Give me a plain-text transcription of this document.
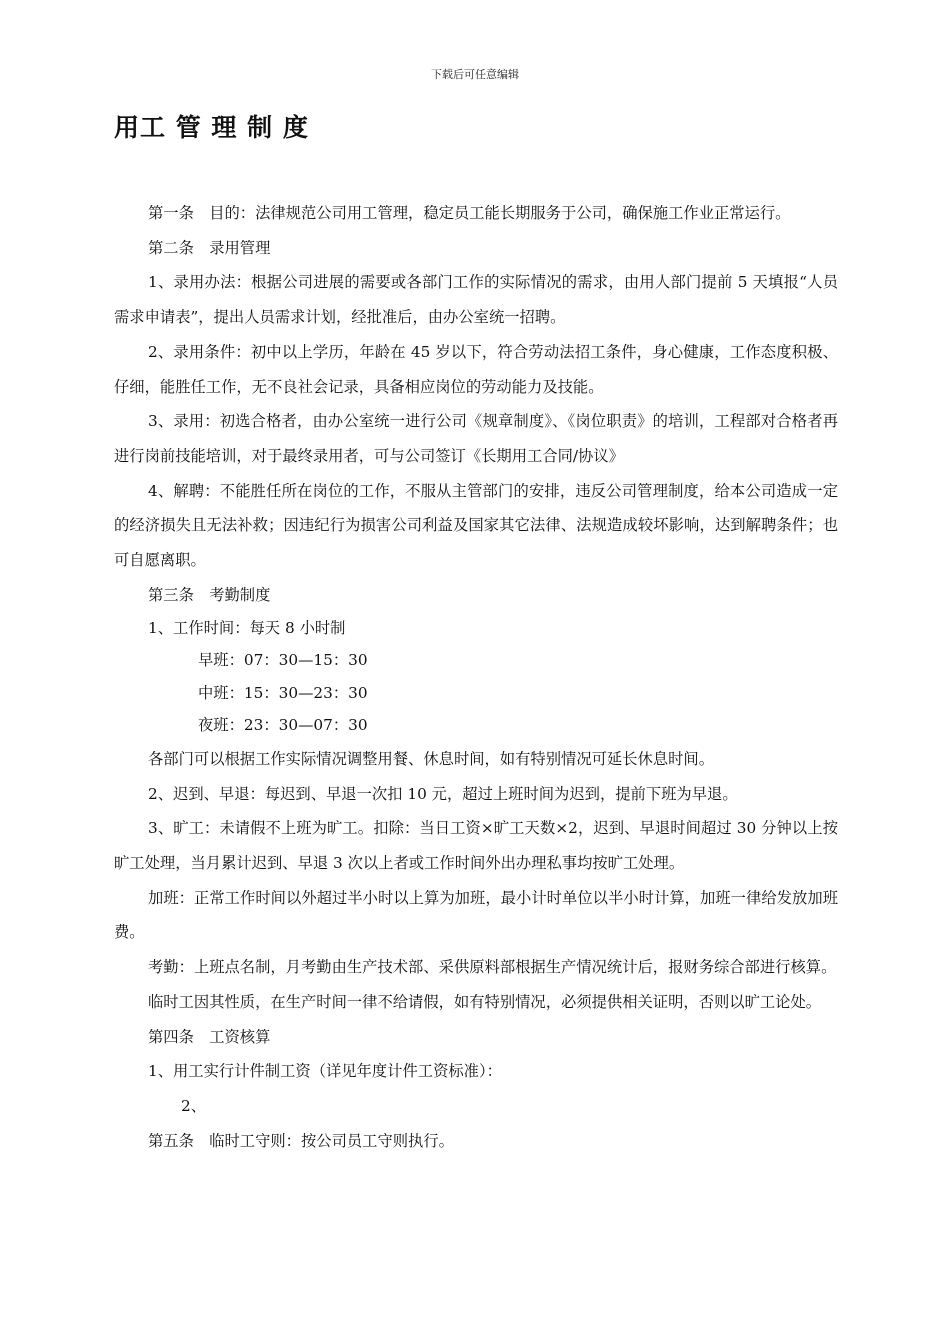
下载后可任意编辑
用工 管 理 制 度

第一条　目的：法律规范公司用工管理，稳定员工能长期服务于公司，确保施工作业正常运行。

第二条　录用管理

1、录用办法：根据公司进展的需要或各部门工作的实际情况的需求，由用人部门提前 5 天填报“人员需求申请表”，提出人员需求计划，经批准后，由办公室统一招聘。

2、录用条件：初中以上学历，年龄在 45 岁以下，符合劳动法招工条件，身心健康，工作态度积极、仔细，能胜任工作，无不良社会记录，具备相应岗位的劳动能力及技能。

3、录用：初选合格者，由办公室统一进行公司《规章制度》、《岗位职责》的培训，工程部对合格者再进行岗前技能培训，对于最终录用者，可与公司签订《长期用工合同/协议》

4、解聘：不能胜任所在岗位的工作，不服从主管部门的安排，违反公司管理制度，给本公司造成一定的经济损失且无法补救；因违纪行为损害公司利益及国家其它法律、法规造成较坏影响，达到解聘条件；也可自愿离职。

第三条　考勤制度

1、工作时间：每天 8 小时制

早班：07：30—15：30

中班：15：30—23：30

夜班：23：30—07：30

各部门可以根据工作实际情况调整用餐、休息时间，如有特别情况可延长休息时间。

2、迟到、早退：每迟到、早退一次扣 10 元，超过上班时间为迟到，提前下班为早退。

3、旷工：未请假不上班为旷工。扣除：当日工资×旷工天数×2，迟到、早退时间超过 30 分钟以上按旷工处理，当月累计迟到、早退 3 次以上者或工作时间外出办理私事均按旷工处理。

加班：正常工作时间以外超过半小时以上算为加班，最小计时单位以半小时计算，加班一律给发放加班费。

考勤：上班点名制，月考勤由生产技术部、采供原料部根据生产情况统计后，报财务综合部进行核算。

临时工因其性质，在生产时间一律不给请假，如有特别情况，必须提供相关证明，否则以旷工论处。

第四条　工资核算

1、用工实行计件制工资（详见年度计件工资标准）：

2、

第五条　临时工守则：按公司员工守则执行。
